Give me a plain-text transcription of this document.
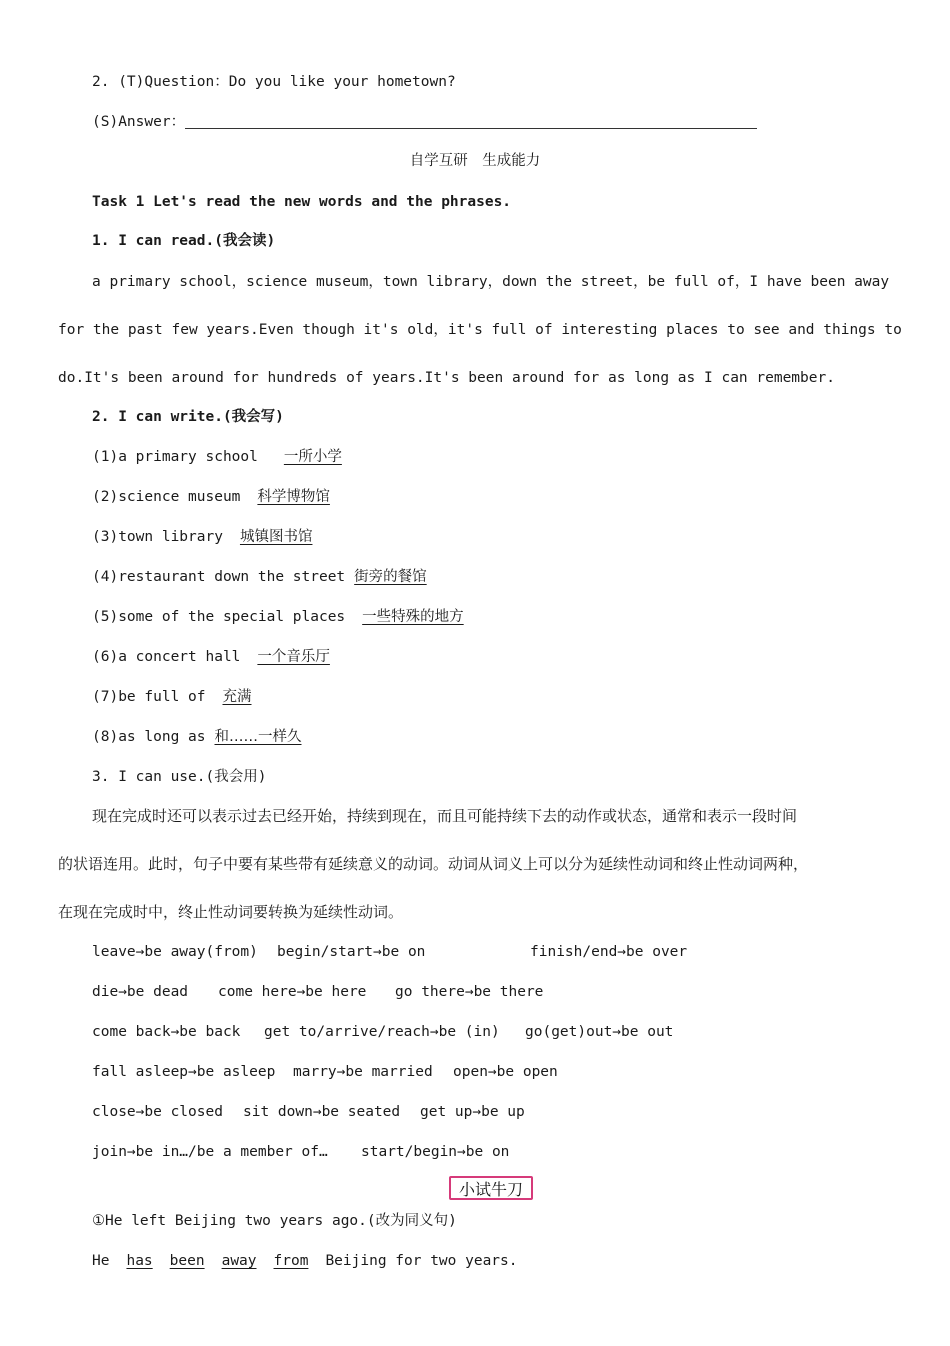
2. (T)Question：Do you like your hometown?
(S)Answer：
自学互研　生成能力
Task 1 Let's read the new words and the phrases.
1. I can read.(我会读)
a primary school，science museum，town library，down the street，be full of，I have been away
for the past few years.Even though it's old，it's full of interesting places to see and things to
do.It's been around for hundreds of years.It's been around for as long as I can remember.
2. I can write.(我会写)
(1)a primary school 一所小学
(2)science museum 科学博物馆
(3)town library 城镇图书馆
(4)restaurant down the street 街旁的餐馆
(5)some of the special places 一些特殊的地方
(6)a concert hall 一个音乐厅
(7)be full of 充满
(8)as long as 和……一样久
3. I can use.(我会用)
现在完成时还可以表示过去已经开始，持续到现在，而且可能持续下去的动作或状态，通常和表示一段时间
的状语连用。此时，句子中要有某些带有延续意义的动词。动词从词义上可以分为延续性动词和终止性动词两种，
在现在完成时中，终止性动词要转换为延续性动词。
leave→be away(from) begin/start→be on	finish/end→be over
die→be dead come here→be here go there→be there
come back→be back get to/arrive/reach→be (in) go(get)out→be out
fall asleep→be asleep marry→be married open→be open
close→be closed sit down→be seated get up→be up
join→be in…/be a member of… start/begin→be on
小试牛刀
①He left Beijing two years ago.(改为同义句)
He has been away from Beijing for two years.
